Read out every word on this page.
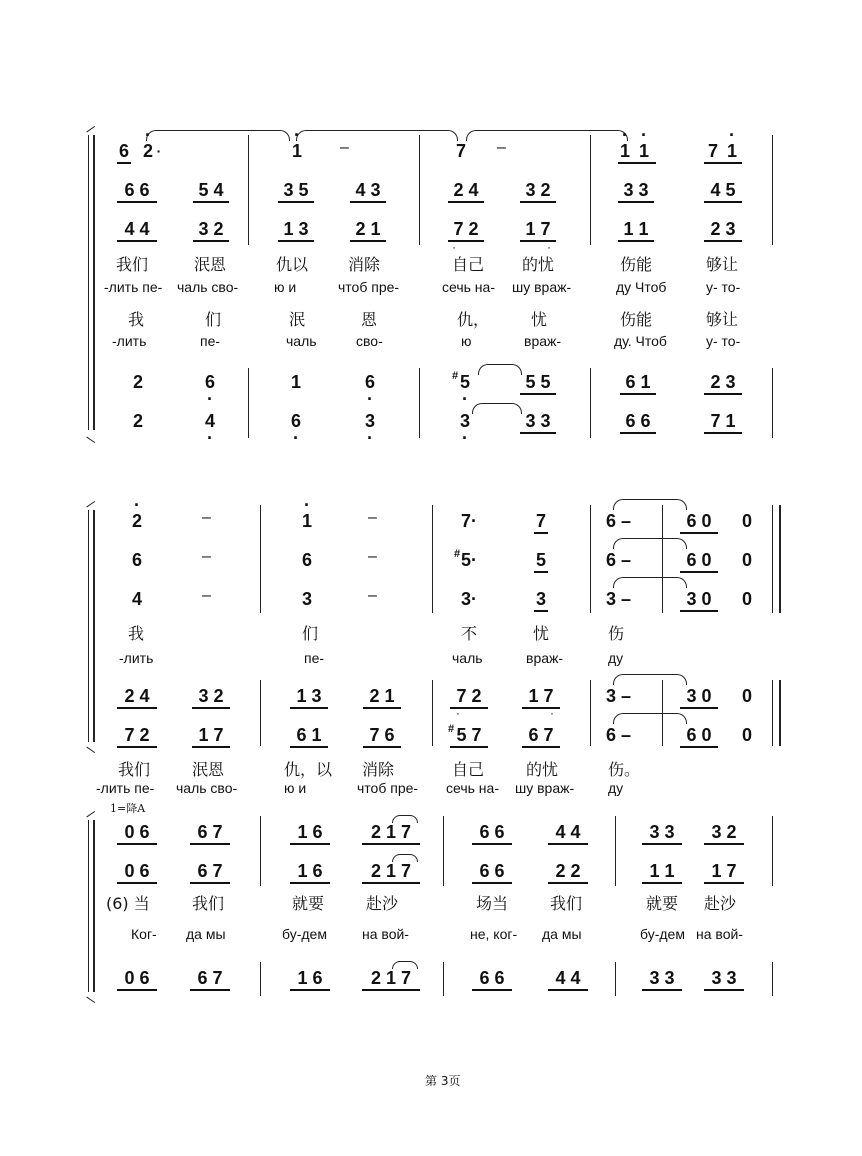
6 · 2 ·	· 1 –	7 –	· 1 · 1	7 · 1
6 6	5 4	3 5	4 3	2 4	3 2	3 3	4 5
4 4	3 2	1 3	2 1	7 2	1 7	1 1	2 3
·	·
我们	泯恩	仇以 消除	自己 的忧	伤能	够让
-лить пе- чаль сво-	ю и	чтоб пре-	сечь на- шу враж-	ду Чтоб	у- то-
我	们	泯	恩	仇，	忧	伤能	够让
-лить	пе-	чаль	сво-	ю	враж-	ду. Чтоб	у- то-
2	6 ·	1	6 ·	# 5 ·	5 5	6 1	2 3
2	4 ·	6 ·	3 ·	3 ·	3 3	6 6	7 1
· 2	–	· 1	–	7·	7	6 –	6 0	0
6	–	6	–	# 5·	5	6 –	6 0	0
4	–	3	–	3·	3	3 –	3 0	0
我	们	不	忧	伤
-лить	пе-	чаль	враж-	ду
2 4	3 2	1 3	2 1	7 2	1 7	3 –	3 0	0
·	·
7 2	1 7	6 1	7 6	# 5 7	6 7	6 –	6 0	0
我们	泯恩	仇，以 消除	自己	的忧	伤。
-лить пе- чаль сво-	ю и	чтоб пре- сечь на- шу враж- ду
1=降A
0 6	6 7	1 6	2 1 7	6 6	4 4	3 3	3 2
0 6	6 7	1 6	2 1 7	6 6	2 2	1 1	1 7
(6) 当	我们	就要	赴沙	场当	我们	就要 赴沙
Ког- да мы	бу-дем	на вой-	не, ког- да мы	бу-дем на вой-
0 6	6 7	1 6	2 1 7	6 6	4 4	3 3	3 3
第 3页
